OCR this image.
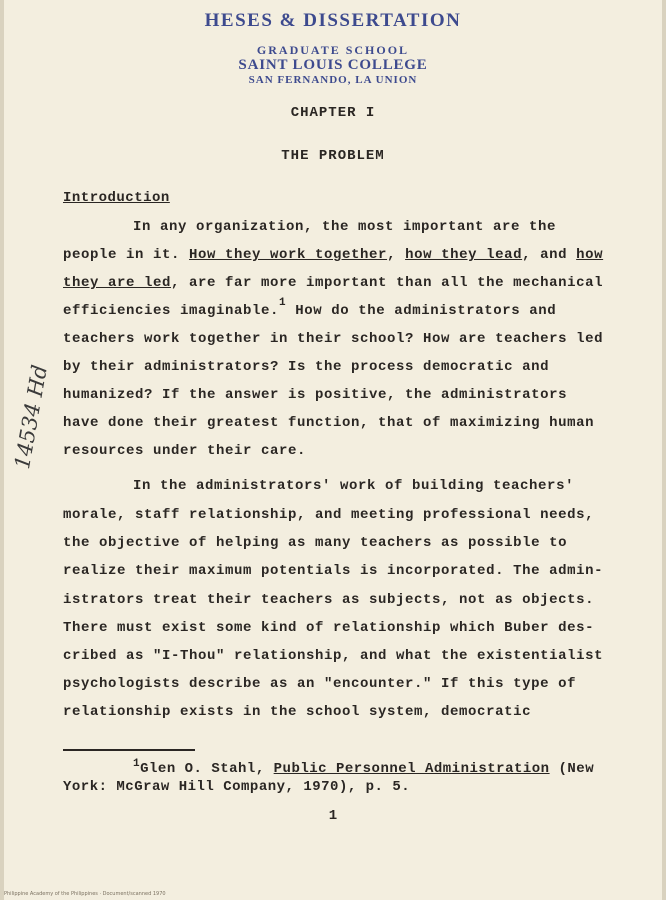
HESES & DISSERTATION
GRADUATE SCHOOL
SAINT LOUIS COLLEGE
SAN FERNANDO, LA UNION
CHAPTER I
THE PROBLEM
Introduction
In any organization, the most important are the
people in it. How they work together, how they lead, and how
they are led, are far more important than all the mechanical
efficiencies imaginable.$^1$ How do the administrators and
teachers work together in their school? How are teachers led
by their administrators? Is the process democratic and
humanized? If the answer is positive, the administrators
have done their greatest function, that of maximizing human
resources under their care.
In the administrators' work of building teachers'
morale, staff relationship, and meeting professional needs,
the objective of helping as many teachers as possible to
realize their maximum potentials is incorporated. The admin-
istrators treat their teachers as subjects, not as objects.
There must exist some kind of relationship which Buber des-
cribed as "I-Thou" relationship, and what the existentialist
psychologists describe as an "encounter." If this type of
relationship exists in the school system, democratic
14534 Hd
$^1$Glen O. Stahl, Public Personnel Administration (New
York: McGraw Hill Company, 1970), p. 5.
1
Philippine Academy of the Philippines · Document/scanned 1970
